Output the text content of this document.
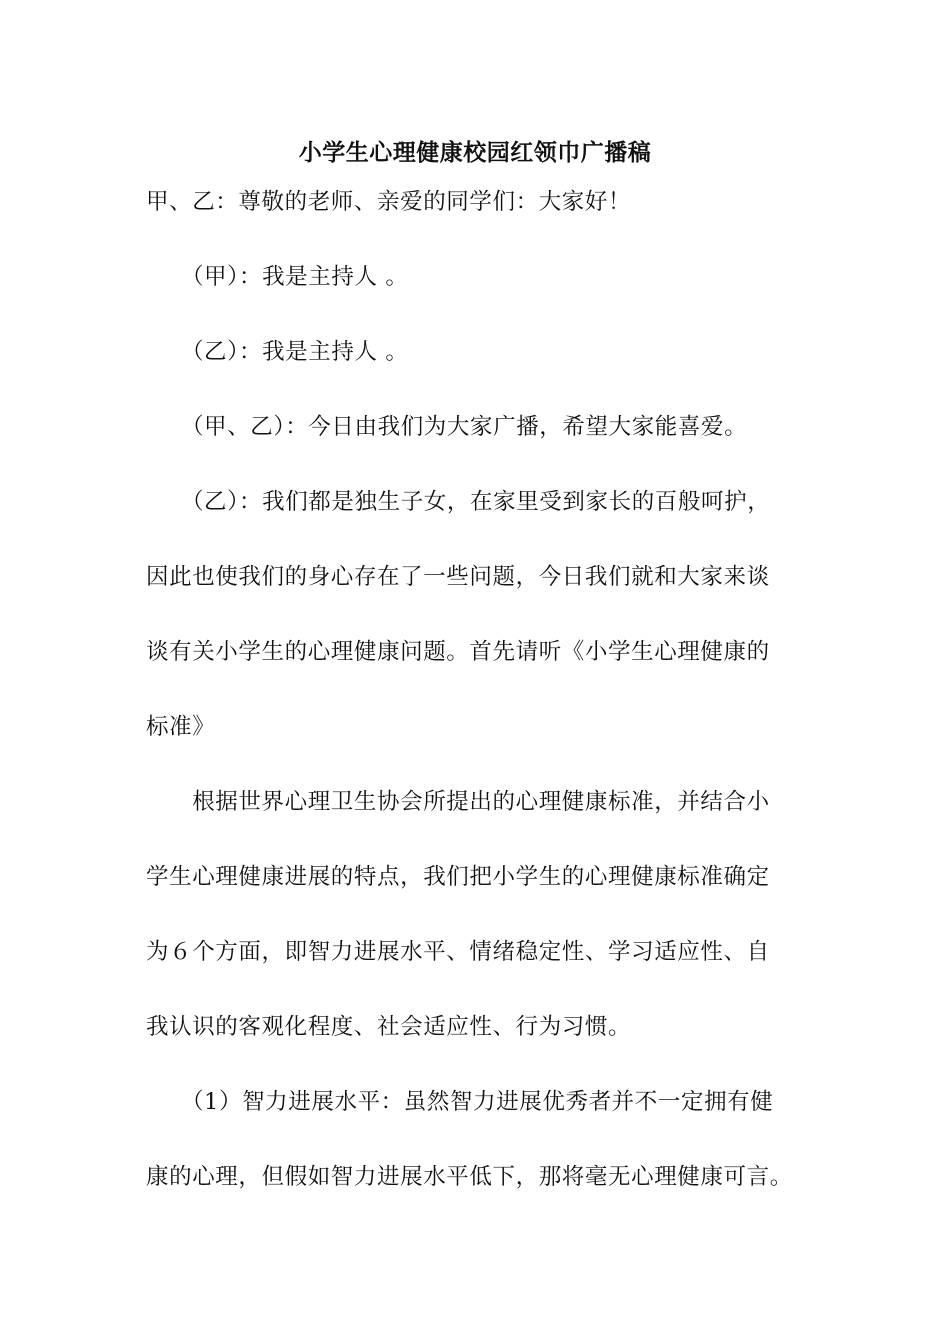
小学生心理健康校园红领巾广播稿
甲、乙：尊敬的老师、亲爱的同学们：大家好！
　　（甲）：我是主持人 。
　　（乙）：我是主持人 。
　　（甲、乙）：今日由我们为大家广播，希望大家能喜爱。
　　（乙）：我们都是独生子女，在家里受到家长的百般呵护，
因此也使我们的身心存在了一些问题，今日我们就和大家来谈
谈有关小学生的心理健康问题。首先请听《小学生心理健康的
标准》
　　根据世界心理卫生协会所提出的心理健康标准，并结合小
学生心理健康进展的特点，我们把小学生的心理健康标准确定
为６个方面，即智力进展水平、情绪稳定性、学习适应性、自
我认识的客观化程度、社会适应性、行为习惯。
　　（1）智力进展水平：虽然智力进展优秀者并不一定拥有健
康的心理，但假如智力进展水平低下，那将毫无心理健康可言。
